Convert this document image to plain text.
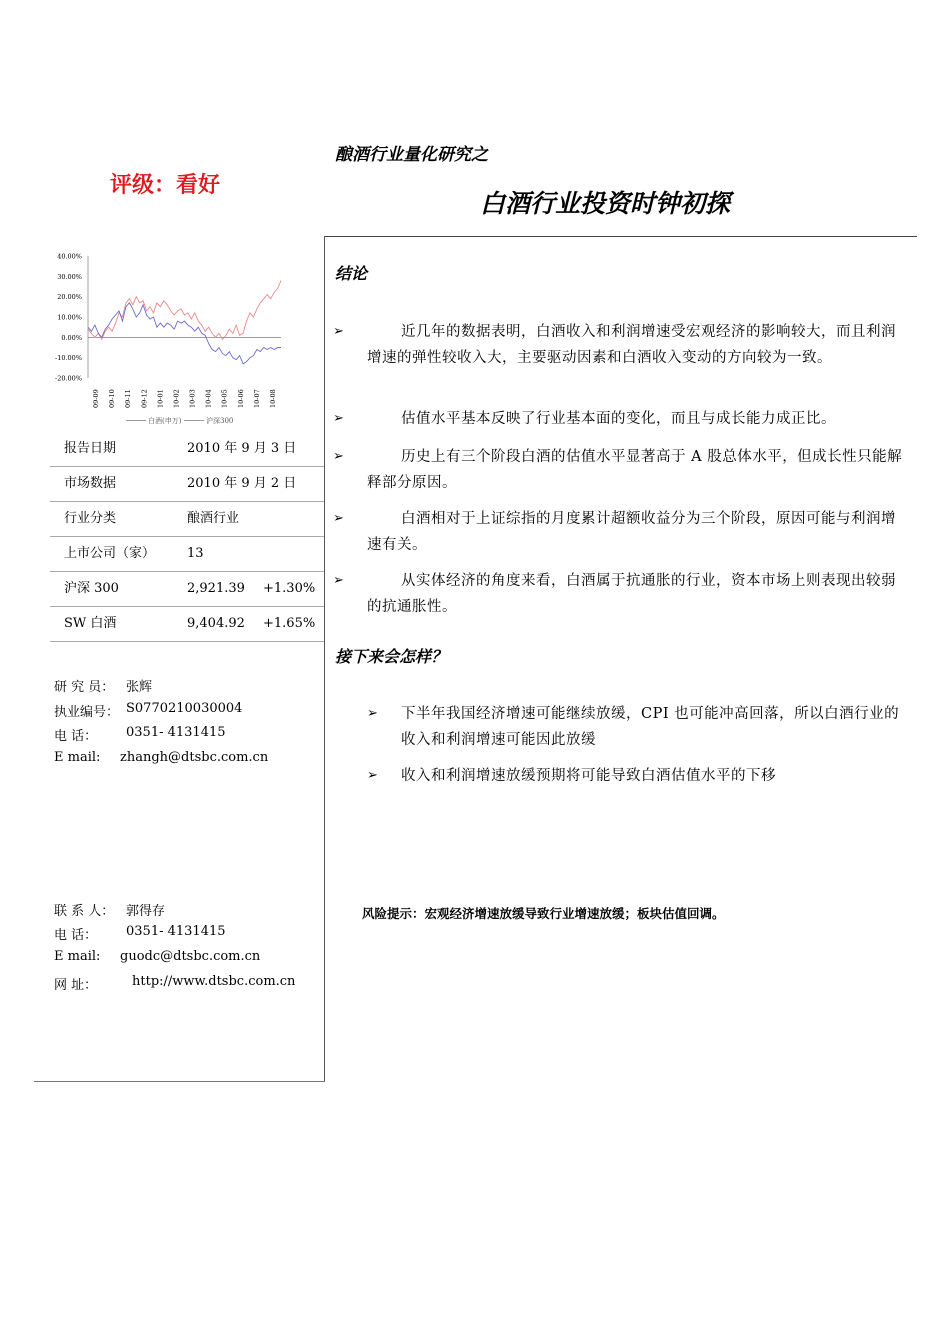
酿酒行业量化研究之
评级：看好
白酒行业投资时钟初探
40.00%
30.00%
20.00%
10.00%
0.00%
-10.00%
-20.00%
09-09 09-10 09-11 09-12 10-01 10-02 10-03 10-04 10-05 10-06 10-07 10-08
白酒(申万)	沪深300
报告日期	2010 年 9 月 3 日
市场数据	2010 年 9 月 2 日
行业分类	酿酒行业
上市公司（家） 13
沪深 300	2,921.39 +1.30%
SW 白酒	9,404.92 +1.65%
研 究 员： 张辉
执业编号： S0770210030004
电 话： 0351- 4131415
E mail: zhangh@dtsbc.com.cn
联 系 人： 郭得存
电 话： 0351- 4131415
E mail: guodc@dtsbc.com.cn
网 址：	http://www.dtsbc.com.cn
结论
➢	近几年的数据表明，白酒收入和利润增速受宏观经济的影响较大，而且利润增速的弹性较收入大，主要驱动因素和白酒收入变动的方向较为一致。
➢	估值水平基本反映了行业基本面的变化，而且与成长能力成正比。
➢	历史上有三个阶段白酒的估值水平显著高于 A 股总体水平，但成长性只能解释部分原因。
➢	白酒相对于上证综指的月度累计超额收益分为三个阶段，原因可能与利润增速有关。
➢	从实体经济的角度来看，白酒属于抗通胀的行业，资本市场上则表现出较弱的抗通胀性。
接下来会怎样？
➢ 下半年我国经济增速可能继续放缓，CPI 也可能冲高回落，所以白酒行业的收入和利润增速可能因此放缓
➢ 收入和利润增速放缓预期将可能导致白酒估值水平的下移
风险提示：宏观经济增速放缓导致行业增速放缓；板块估值回调。
